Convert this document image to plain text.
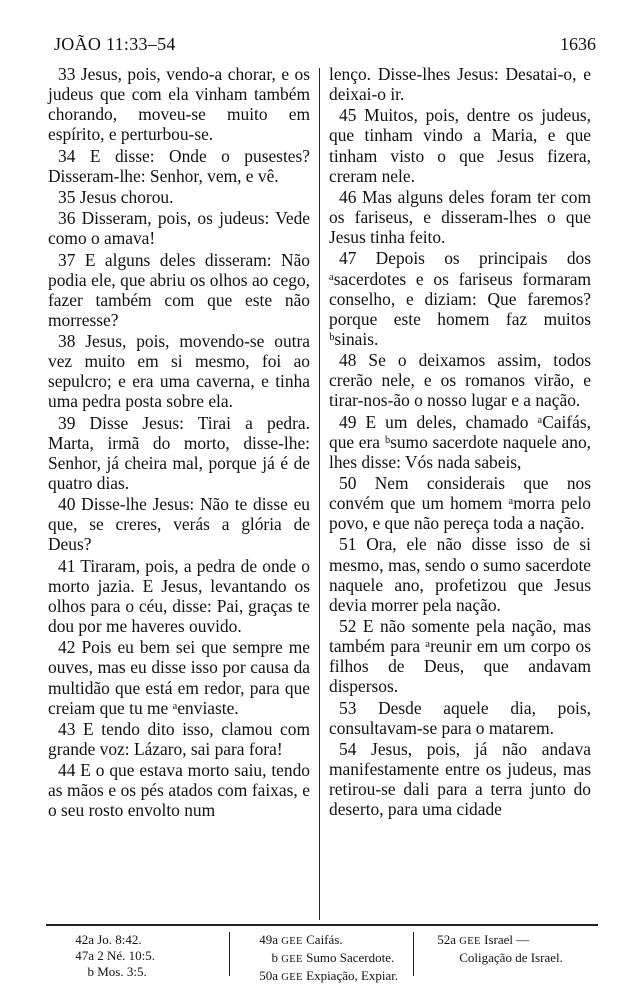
JOÃO 11:33–54	1636

33 Jesus, pois, vendo-a chorar, e os judeus que com ela vinham também chorando, moveu-se muito em espírito, e perturbou-se.

34 E disse: Onde o pusestes? Disseram-lhe: Senhor, vem, e vê.

35 Jesus chorou.

36 Disseram, pois, os judeus: Vede como o amava!

37 E alguns deles disseram: Não podia ele, que abriu os olhos ao cego, fazer também com que este não morresse?

38 Jesus, pois, movendo-se outra vez muito em si mesmo, foi ao sepulcro; e era uma caverna, e tinha uma pedra posta sobre ela.

39 Disse Jesus: Tirai a pedra. Marta, irmã do morto, disse-lhe: Senhor, já cheira mal, porque já é de quatro dias.

40 Disse-lhe Jesus: Não te disse eu que, se creres, verás a glória de Deus?

41 Tiraram, pois, a pedra de onde o morto jazia. E Jesus, levantando os olhos para o céu, disse: Pai, graças te dou por me haveres ouvido.

42 Pois eu bem sei que sempre me ouves, mas eu disse isso por causa da multidão que está em redor, para que creiam que tu me ᵃenviaste.

43 E tendo dito isso, clamou com grande voz: Lázaro, sai para fora!

44 E o que estava morto saiu, tendo as mãos e os pés atados com faixas, e o seu rosto envolto num

lenço. Disse-lhes Jesus: Desatai-o, e deixai-o ir.

45 Muitos, pois, dentre os judeus, que tinham vindo a Maria, e que tinham visto o que Jesus fizera, creram nele.

46 Mas alguns deles foram ter com os fariseus, e disseram-lhes o que Jesus tinha feito.

47 Depois os principais dos ᵃsacerdotes e os fariseus formaram conselho, e diziam: Que faremos? porque este homem faz muitos ᵇsinais.

48 Se o deixamos assim, todos crerão nele, e os romanos virão, e tirar-nos-ão o nosso lugar e a nação.

49 E um deles, chamado ᵃCaifás, que era ᵇsumo sacerdote naquele ano, lhes disse: Vós nada sabeis,

50 Nem considerais que nos convém que um homem ᵃmorra pelo povo, e que não pereça toda a nação.

51 Ora, ele não disse isso de si mesmo, mas, sendo o sumo sacerdote naquele ano, profetizou que Jesus devia morrer pela nação.

52 E não somente pela nação, mas também para ᵃreunir em um corpo os filhos de Deus, que andavam dispersos.

53 Desde aquele dia, pois, consultavam-se para o matarem.

54 Jesus, pois, já não andava manifestamente entre os judeus, mas retirou-se dali para a terra junto do deserto, para uma cidade

42a Jo. 8:42.
47a 2 Né. 10:5.
b Mos. 3:5.
49a GEE Caifás.
b GEE Sumo Sacerdote.
50a GEE Expiação, Expiar.
52a GEE Israel —
Coligação de Israel.
